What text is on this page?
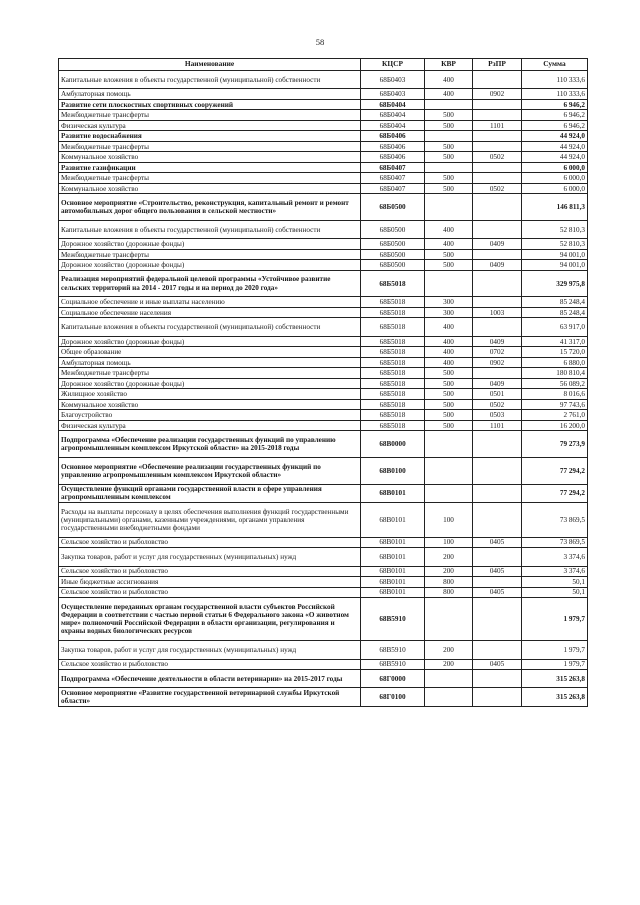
58
Наименование	КЦСР	КВР	РзПР	Сумма
Капитальные вложения в объекты государственной (муниципальной) собственности	68Б0403	400		110 333,6
Амбулаторная помощь	68Б0403	400	0902	110 333,6
Развитие сети плоскостных спортивных сооружений	68Б0404			6 946,2
Межбюджетные трансферты	68Б0404	500		6 946,2
Физическая культура	68Б0404	500	1101	6 946,2
Развитие водоснабжения	68Б0406			44 924,0
Межбюджетные трансферты	68Б0406	500		44 924,0
Коммунальное хозяйство	68Б0406	500	0502	44 924,0
Развитие газификации	68Б0407			6 000,0
Межбюджетные трансферты	68Б0407	500		6 000,0
Коммунальное хозяйство	68Б0407	500	0502	6 000,0
Основное мероприятие «Строительство, реконструкция, капитальный ремонт и ремонт автомобильных дорог общего пользования в сельской местности»	68Б0500			146 811,3
Капитальные вложения в объекты государственной (муниципальной) собственности	68Б0500	400		52 810,3
Дорожное хозяйство (дорожные фонды)	68Б0500	400	0409	52 810,3
Межбюджетные трансферты	68Б0500	500		94 001,0
Дорожное хозяйство (дорожные фонды)	68Б0500	500	0409	94 001,0
Реализация мероприятий федеральной целевой программы «Устойчивое развитие сельских территорий на 2014 - 2017 годы и на период до 2020 года»	68Б5018			329 975,8
Социальное обеспечение и иные выплаты населению	68Б5018	300		85 248,4
Социальное обеспечение населения	68Б5018	300	1003	85 248,4
Капитальные вложения в объекты государственной (муниципальной) собственности	68Б5018	400		63 917,0
Дорожное хозяйство (дорожные фонды)	68Б5018	400	0409	41 317,0
Общее образование	68Б5018	400	0702	15 720,0
Амбулаторная помощь	68Б5018	400	0902	6 880,0
Межбюджетные трансферты	68Б5018	500		180 810,4
Дорожное хозяйство (дорожные фонды)	68Б5018	500	0409	56 089,2
Жилищное хозяйство	68Б5018	500	0501	8 016,6
Коммунальное хозяйство	68Б5018	500	0502	97 743,6
Благоустройство	68Б5018	500	0503	2 761,0
Физическая культура	68Б5018	500	1101	16 200,0
Подпрограмма «Обеспечение реализации государственных функций по управлению агропромышленным комплексом Иркутской области» на 2015-2018 годы	68В0000			79 273,9
Основное мероприятие «Обеспечение реализации государственных функций по управлению агропромышленным комплексом Иркутской области»	68В0100			77 294,2
Осуществление функций органами государственной власти в сфере управления агропромышленным комплексом	68В0101			77 294,2
Расходы на выплаты персоналу в целях обеспечения выполнения функций государственными (муниципальными) органами, казенными учреждениями, органами управления государственными внебюджетными фондами	68В0101	100		73 869,5
Сельское хозяйство и рыболовство	68В0101	100	0405	73 869,5
Закупка товаров, работ и услуг для государственных (муниципальных) нужд	68В0101	200		3 374,6
Сельское хозяйство и рыболовство	68В0101	200	0405	3 374,6
Иные бюджетные ассигнования	68В0101	800		50,1
Сельское хозяйство и рыболовство	68В0101	800	0405	50,1
Осуществление переданных органам государственной власти субъектов Российской Федерации в соответствии с частью первой статьи 6 Федерального закона «О животном мире» полномочий Российской Федерации в области организации, регулирования и охраны водных биологических ресурсов	68В5910			1 979,7
Закупка товаров, работ и услуг для государственных (муниципальных) нужд	68В5910	200		1 979,7
Сельское хозяйство и рыболовство	68В5910	200	0405	1 979,7
Подпрограмма «Обеспечение деятельности в области ветеринарии» на 2015-2017 годы	68Г0000			315 263,8
Основное мероприятие «Развитие государственной ветеринарной службы Иркутской области»	68Г0100			315 263,8
